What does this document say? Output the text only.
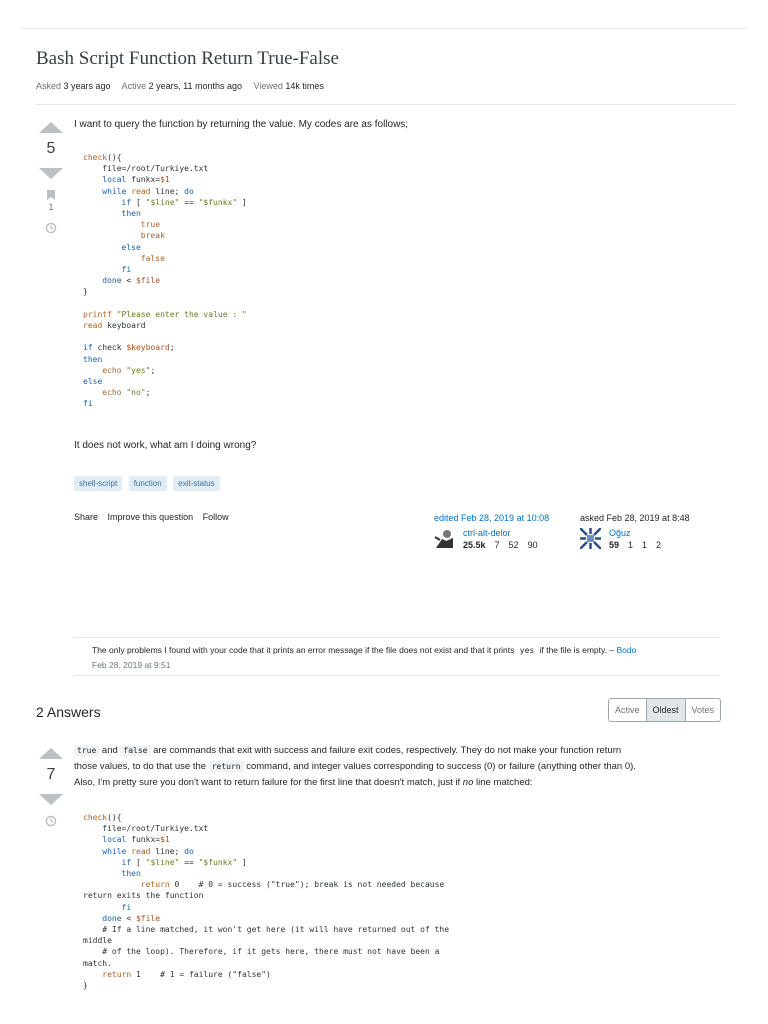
Bash Script Function Return True-False
Asked 3 years ago Active 2 years, 11 months ago Viewed 14k times
5
1
I want to query the function by returning the value. My codes are as follows;
check(){
file=/root/Turkiye.txt
local funkx=$1
while read line; do
if [ "$line" == "$funkx" ]
then
true
break
else
false
fi
done < $file
}

printf "Please enter the value : "
read keyboard

if check $keyboard;
then
echo "yes";
else
echo "no";
fi
It does not work, what am I doing wrong?
shell-script function exit-status
Share Improve this question Follow	edited Feb 28, 2019 at 10:08
ctrl-alt-delor
25.5k 7 52 90
asked Feb 28, 2019 at 8:48
Oğuz
59 1 1 2
The only problems I found with your code that it prints an error message if the file does not exist and that it prints yes if the file is empty. – Bodo
Feb 28, 2019 at 9:51
2 Answers	Active	Oldest	Votes
7
true and false are commands that exit with success and failure exit codes, respectively. They do not make your function return
those values, to do that use the return command, and integer values corresponding to success (0) or failure (anything other than 0).
Also, I'm pretty sure you don't want to return failure for the first line that doesn't match, just if no line matched:
check(){
file=/root/Turkiye.txt
local funkx=$1
while read line; do
if [ "$line" == "$funkx" ]
then
return 0    # 0 = success ("true"); break is not needed because
return exits the function
fi
done < $file
# If a line matched, it won't get here (it will have returned out of the
middle
# of the loop). Therefore, if it gets here, there must not have been a
match.
return 1    # 1 = failure ("false")
}
